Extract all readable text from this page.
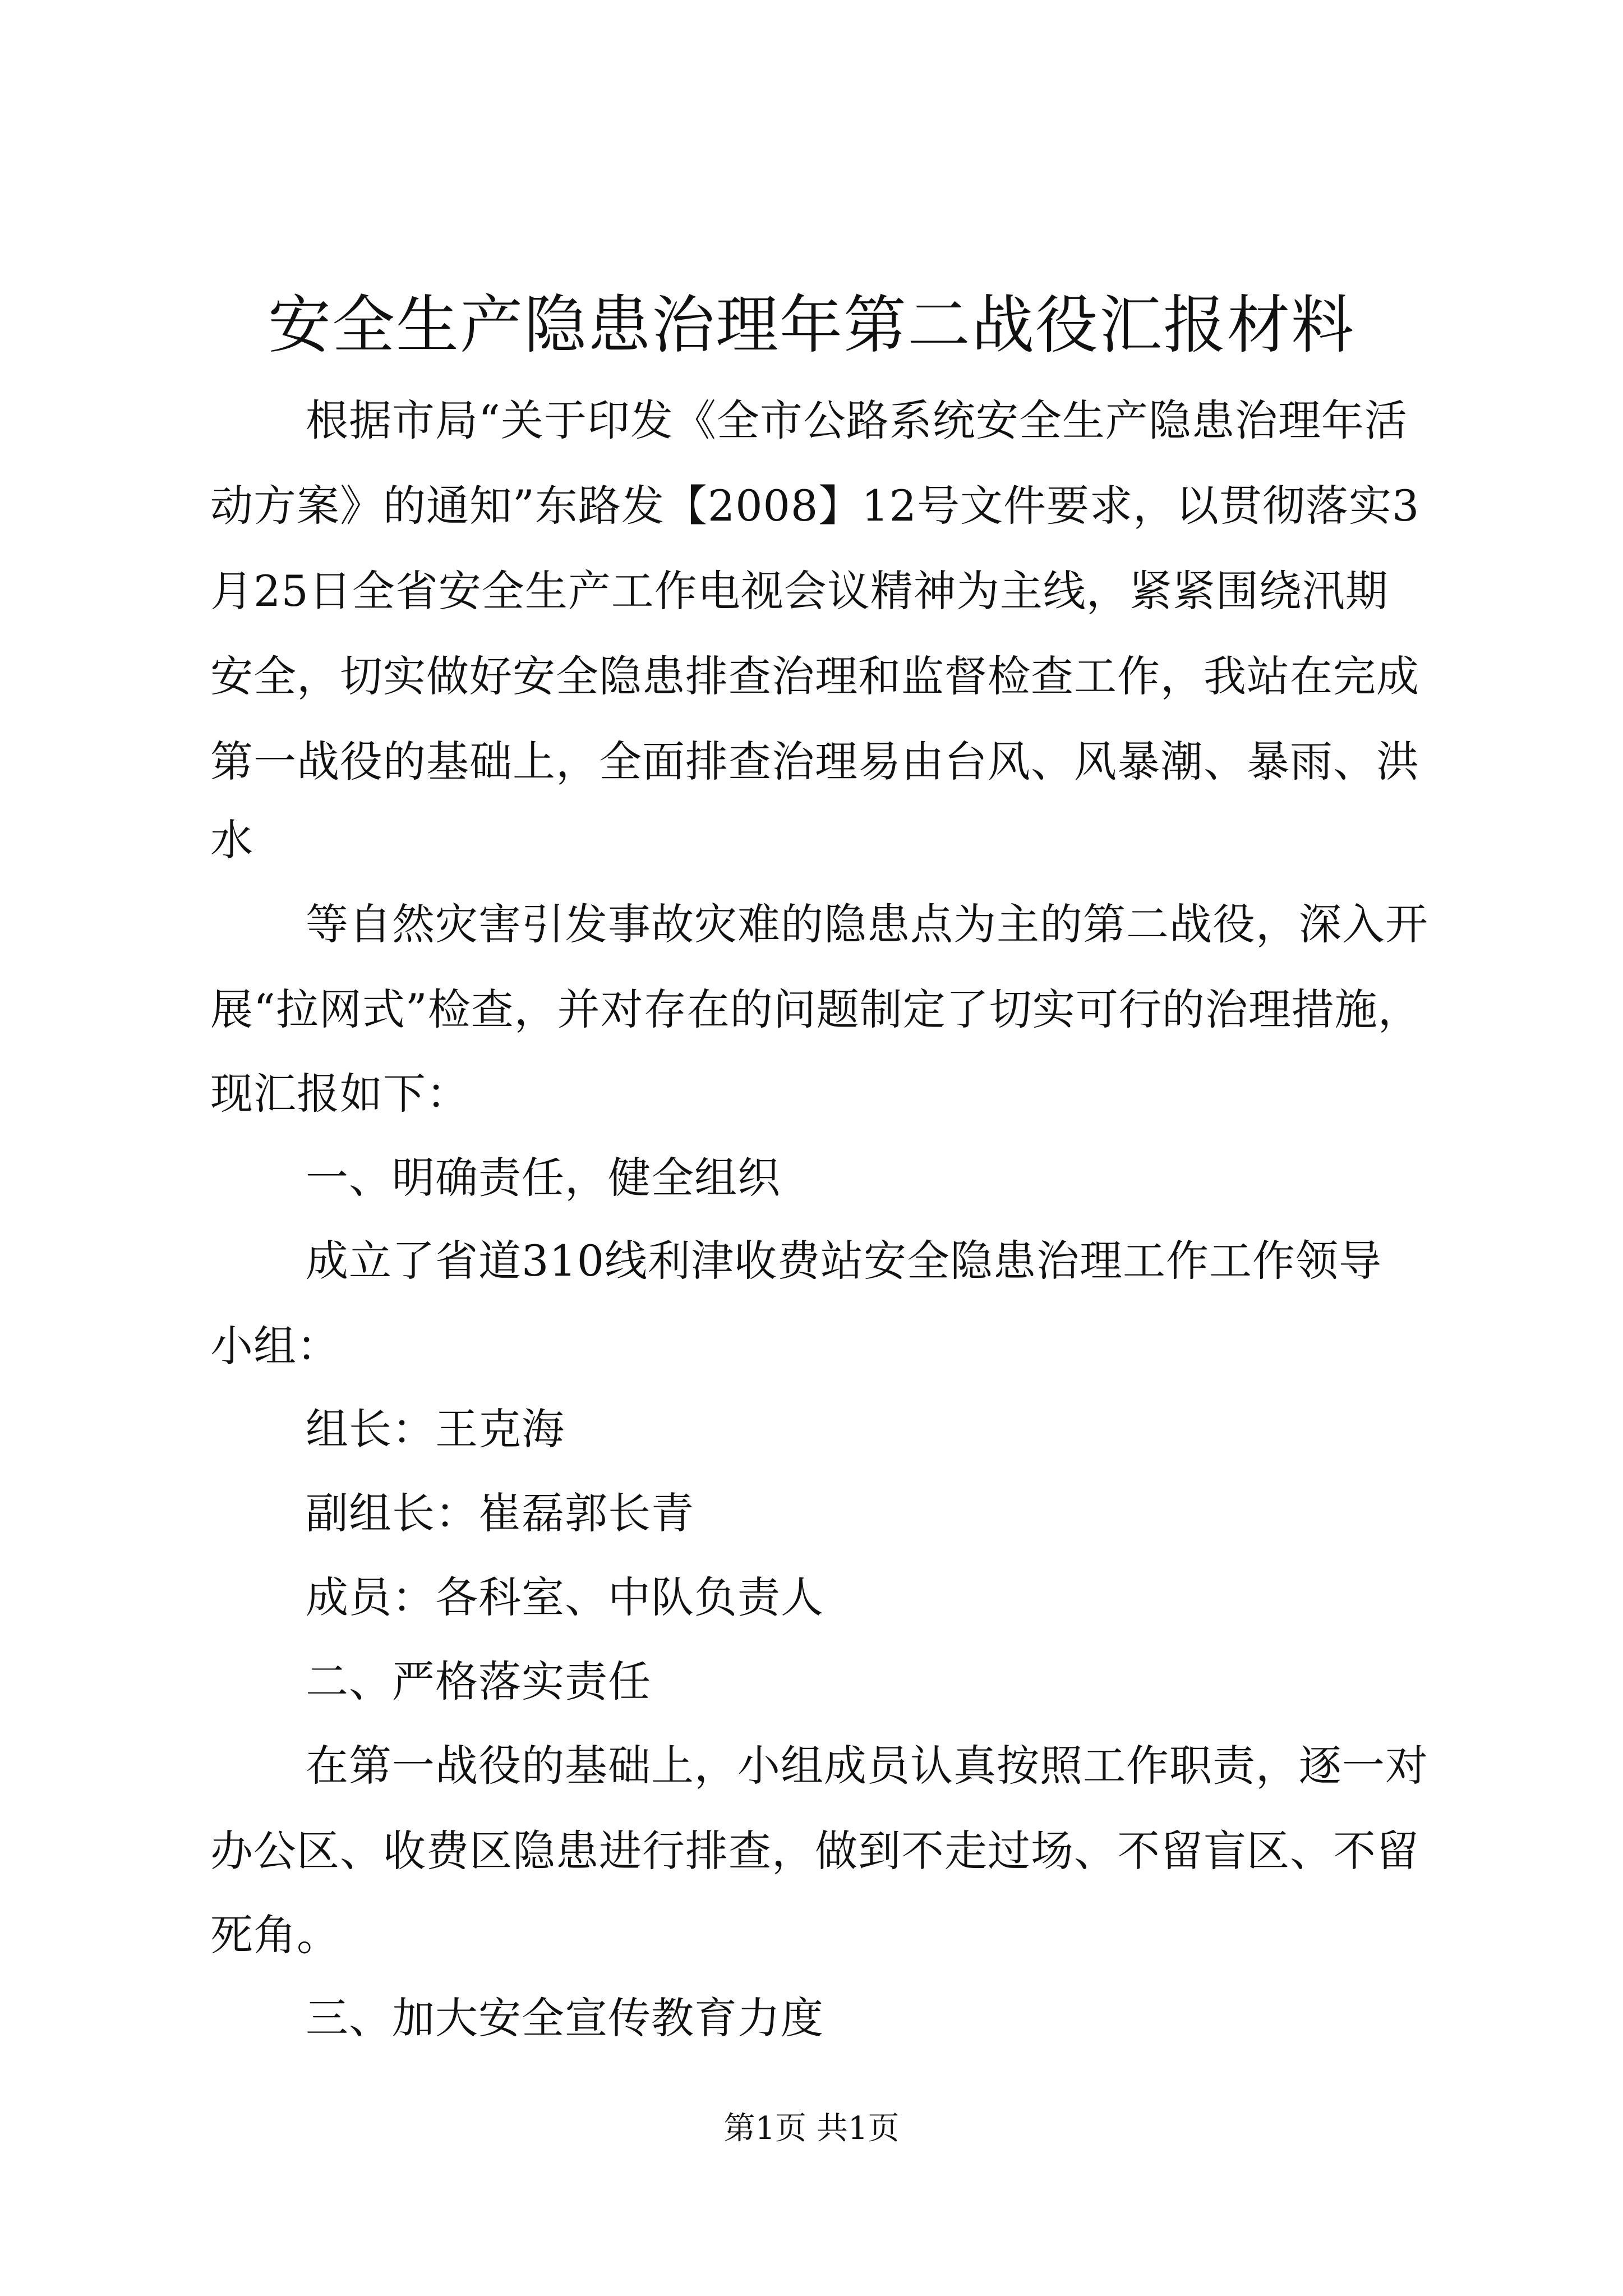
安全生产隐患治理年第二战役汇报材料
根据市局“关于印发《全市公路系统安全生产隐患治理年活
动方案》的通知”东路发【2008】12号文件要求，以贯彻落实3
月25日全省安全生产工作电视会议精神为主线，紧紧围绕汛期
安全，切实做好安全隐患排查治理和监督检查工作，我站在完成
第一战役的基础上，全面排查治理易由台风、风暴潮、暴雨、洪
水
等自然灾害引发事故灾难的隐患点为主的第二战役，深入开
展“拉网式”检查，并对存在的问题制定了切实可行的治理措施，
现汇报如下：
一、明确责任，健全组织
成立了省道310线利津收费站安全隐患治理工作工作领导
小组：
组长：王克海
副组长：崔磊郭长青
成员：各科室、中队负责人
二、严格落实责任
在第一战役的基础上，小组成员认真按照工作职责，逐一对
办公区、收费区隐患进行排查，做到不走过场、不留盲区、不留
死角。
三、加大安全宣传教育力度
第1页 共1页
